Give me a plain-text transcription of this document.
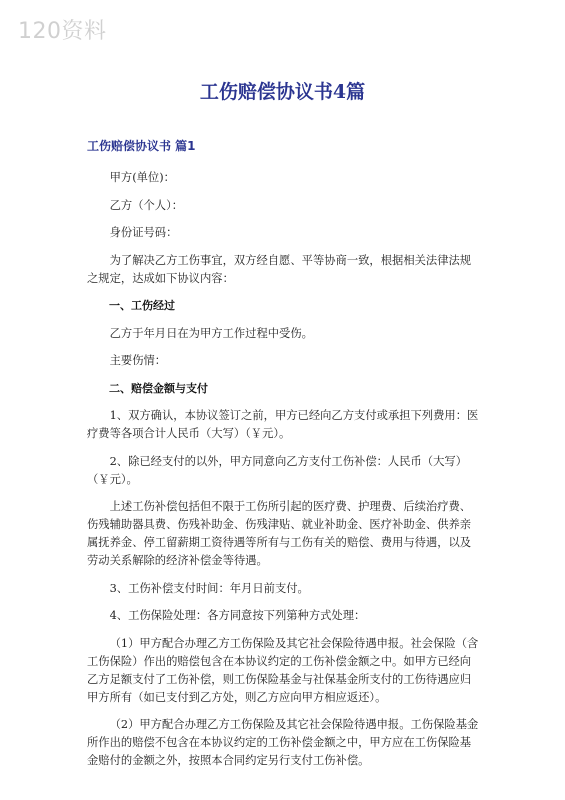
120资料
工伤赔偿协议书4篇
工伤赔偿协议书 篇1

甲方(单位)：

乙方（个人）：

身份证号码：

为了解决乙方工伤事宜，双方经自愿、平等协商一致，根据相关法律法规之规定，达成如下协议内容：

一、工伤经过

乙方于年月日在为甲方工作过程中受伤。

主要伤情：

二、赔偿金额与支付

1、双方确认，本协议签订之前，甲方已经向乙方支付或承担下列费用：医疗费等各项合计人民币（大写）（￥元）。

2、除已经支付的以外，甲方同意向乙方支付工伤补偿：人民币（大写）（￥元）。

上述工伤补偿包括但不限于工伤所引起的医疗费、护理费、后续治疗费、伤残辅助器具费、伤残补助金、伤残津贴、就业补助金、医疗补助金、供养亲属抚养金、停工留薪期工资待遇等所有与工伤有关的赔偿、费用与待遇，以及劳动关系解除的经济补偿金等待遇。

3、工伤补偿支付时间：年月日前支付。

4、工伤保险处理：各方同意按下列第种方式处理：

（1）甲方配合办理乙方工伤保险及其它社会保险待遇申报。社会保险（含工伤保险）作出的赔偿包含在本协议约定的工伤补偿金额之中。如甲方已经向乙方足额支付了工伤补偿，则工伤保险基金与社保基金所支付的工伤待遇应归甲方所有（如已支付到乙方处，则乙方应向甲方相应返还）。

（2）甲方配合办理乙方工伤保险及其它社会保险待遇申报。工伤保险基金所作出的赔偿不包含在本协议约定的工伤补偿金额之中，甲方应在工伤保险基金赔付的金额之外，按照本合同约定另行支付工伤补偿。
